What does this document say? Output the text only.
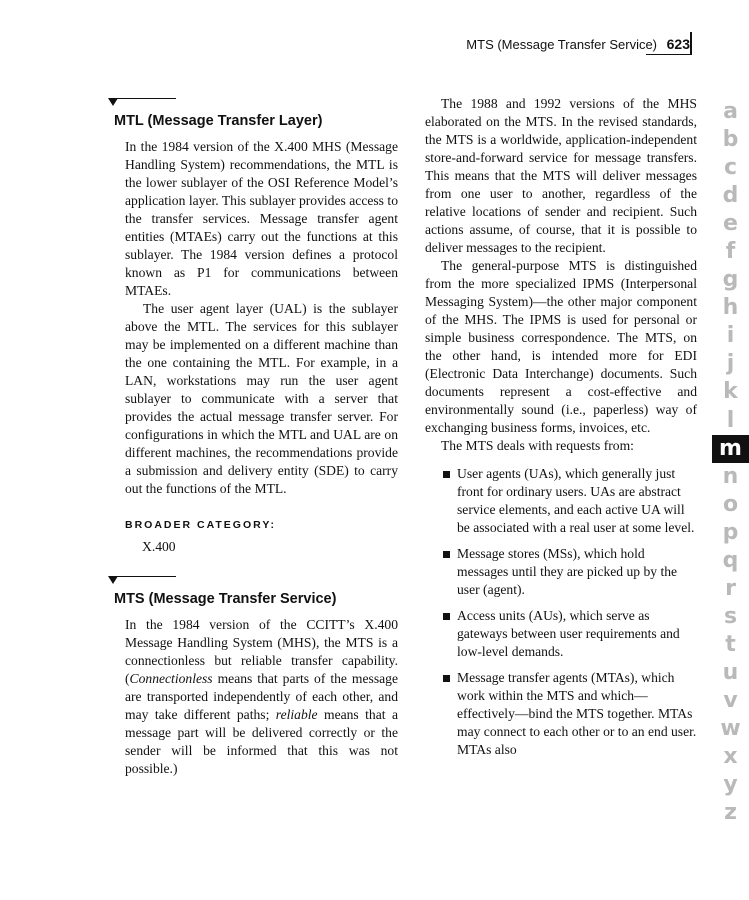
MTS (Message Transfer Service) 623
MTL (Message Transfer Layer)

In the 1984 version of the X.400 MHS (Message Handling System) recommendations, the MTL is the lower sublayer of the OSI Reference Model’s application layer. This sublayer provides access to the transfer services. Message transfer agent entities (MTAEs) carry out the functions at this sublayer. The 1984 version defines a protocol known as P1 for communications between MTAEs.

The user agent layer (UAL) is the sublayer above the MTL. The services for this sublayer may be implemented on a different machine than the one containing the MTL. For example, in a LAN, workstations may run the user agent sublayer to communicate with a server that provides the actual message transfer server. For configurations in which the MTL and UAL are on different machines, the recommendations provide a submission and delivery entity (SDE) to carry out the functions of the MTL.

BROADER CATEGORY:
X.400
MTS (Message Transfer Service)

In the 1984 version of the CCITT’s X.400 Message Handling System (MHS), the MTS is a connectionless but reliable transfer capability. (Connectionless means that parts of the message are transported independently of each other, and may take different paths; reliable means that a message part will be delivered correctly or the sender will be informed that this was not possible.)

The 1988 and 1992 versions of the MHS elaborated on the MTS. In the revised standards, the MTS is a worldwide, application-independent store-and-forward service for message transfers. This means that the MTS will deliver messages from one user to another, regardless of the relative locations of sender and recipient. Such actions assume, of course, that it is possible to deliver messages to the recipient.

The general-purpose MTS is distinguished from the more specialized IPMS (Interpersonal Messaging System)—the other major component of the MHS. The IPMS is used for personal or simple business correspondence. The MTS, on the other hand, is intended more for EDI (Electronic Data Interchange) documents. Such documents represent a cost-effective and environmentally sound (i.e., paperless) way of exchanging business forms, invoices, etc.

The MTS deals with requests from:

User agents (UAs), which generally just front for ordinary users. UAs are abstract service elements, and each active UA will be associated with a real user at some level.
Message stores (MSs), which hold messages until they are picked up by the user (agent).
Access units (AUs), which serve as gateways between user requirements and low-level demands.
Message transfer agents (MTAs), which work within the MTS and which—effectively—bind the MTS together. MTAs may connect to each other or to an end user. MTAs also
a
b
c
d
e
f
g
h
i
j
k
l
m
n
o
p
q
r
s
t
u
v
w
x
y
z
